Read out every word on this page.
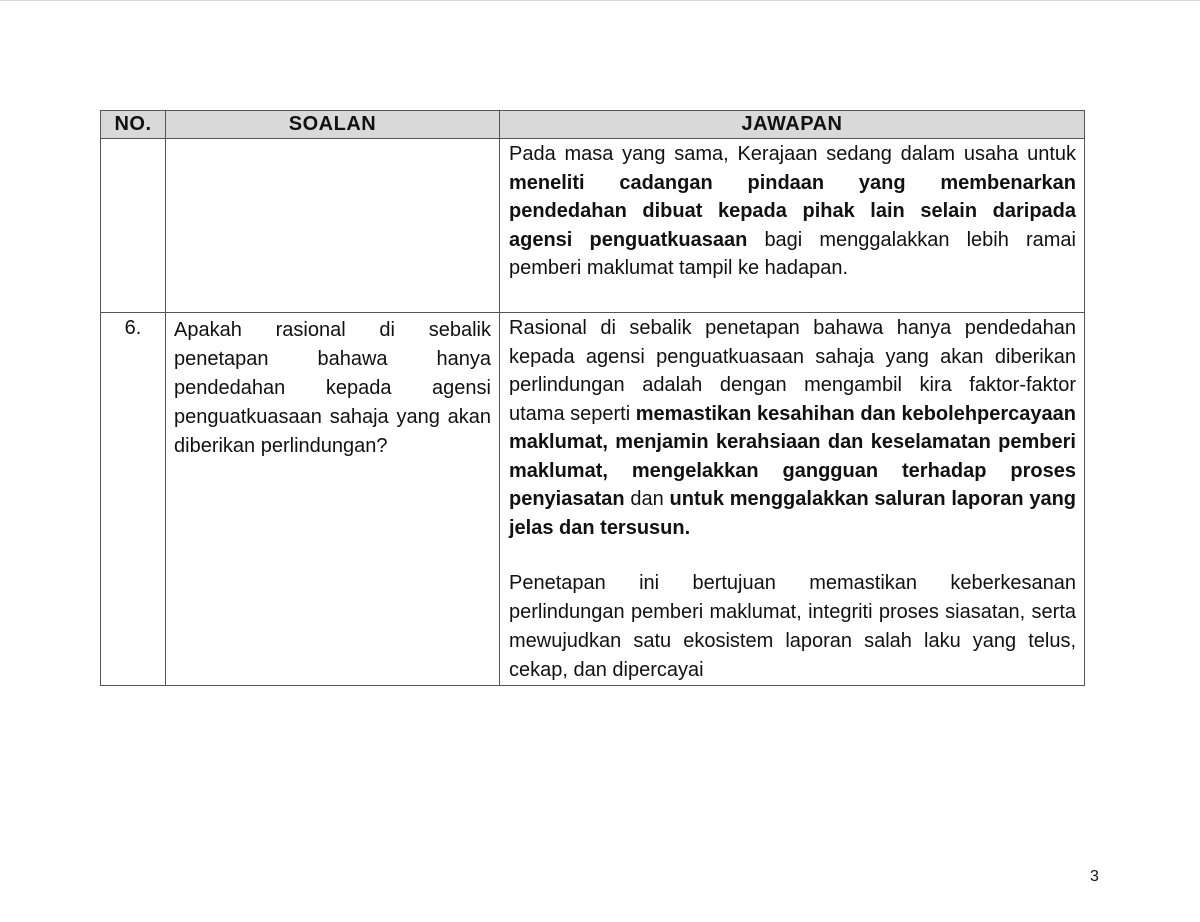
NO.	SOALAN	JAWAPAN

		Pada masa yang sama, Kerajaan sedang dalam usaha untuk meneliti cadangan pindaan yang membenarkan pendedahan dibuat kepada pihak lain selain daripada agensi penguatkuasaan bagi menggalakkan lebih ramai pemberi maklumat tampil ke hadapan.

6.	Apakah rasional di sebalik penetapan bahawa hanya pendedahan kepada agensi penguatkuasaan sahaja yang akan diberikan perlindungan?	Rasional di sebalik penetapan bahawa hanya pendedahan kepada agensi penguatkuasaan sahaja yang akan diberikan perlindungan adalah dengan mengambil kira faktor-faktor utama seperti memastikan kesahihan dan kebolehpercayaan maklumat, menjamin kerahsiaan dan keselamatan pemberi maklumat, mengelakkan gangguan terhadap proses penyiasatan dan untuk menggalakkan saluran laporan yang jelas dan tersusun.

Penetapan ini bertujuan memastikan keberkesanan perlindungan pemberi maklumat, integriti proses siasatan, serta mewujudkan satu ekosistem laporan salah laku yang telus, cekap, dan dipercayai

3
